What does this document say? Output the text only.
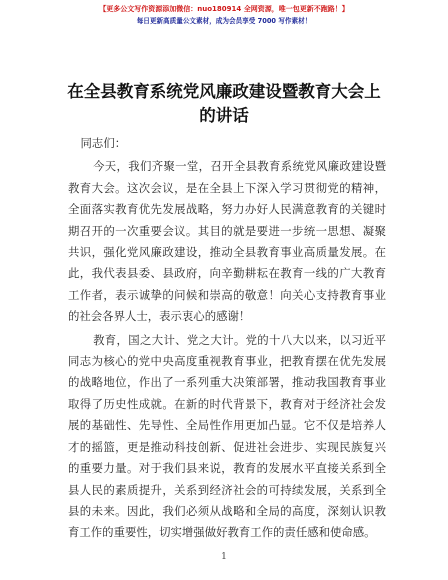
【更多公文写作资源添加微信：nuo180914 全网资源，唯一包更新不跑路！】
每日更新高质量公文素材，成为会员享受 7000 写作素材！
在全县教育系统党风廉政建设暨教育大会上的讲话

同志们：

今天，我们齐聚一堂，召开全县教育系统党风廉政建设暨教育大会。这次会议，是在全县上下深入学习贯彻党的精神，全面落实教育优先发展战略，努力办好人民满意教育的关键时期召开的一次重要会议。其目的就是要进一步统一思想、凝聚共识，强化党风廉政建设，推动全县教育事业高质量发展。在此，我代表县委、县政府，向辛勤耕耘在教育一线的广大教育工作者，表示诚挚的问候和崇高的敬意！向关心支持教育事业的社会各界人士，表示衷心的感谢！

教育，国之大计、党之大计。党的十八大以来，以习近平同志为核心的党中央高度重视教育事业，把教育摆在优先发展的战略地位，作出了一系列重大决策部署，推动我国教育事业取得了历史性成就。在新的时代背景下，教育对于经济社会发展的基础性、先导性、全局性作用更加凸显。它不仅是培养人才的摇篮，更是推动科技创新、促进社会进步、实现民族复兴的重要力量。对于我们县来说，教育的发展水平直接关系到全县人民的素质提升，关系到经济社会的可持续发展，关系到全县的未来。因此，我们必须从战略和全局的高度，深刻认识教育工作的重要性，切实增强做好教育工作的责任感和使命感。

1
